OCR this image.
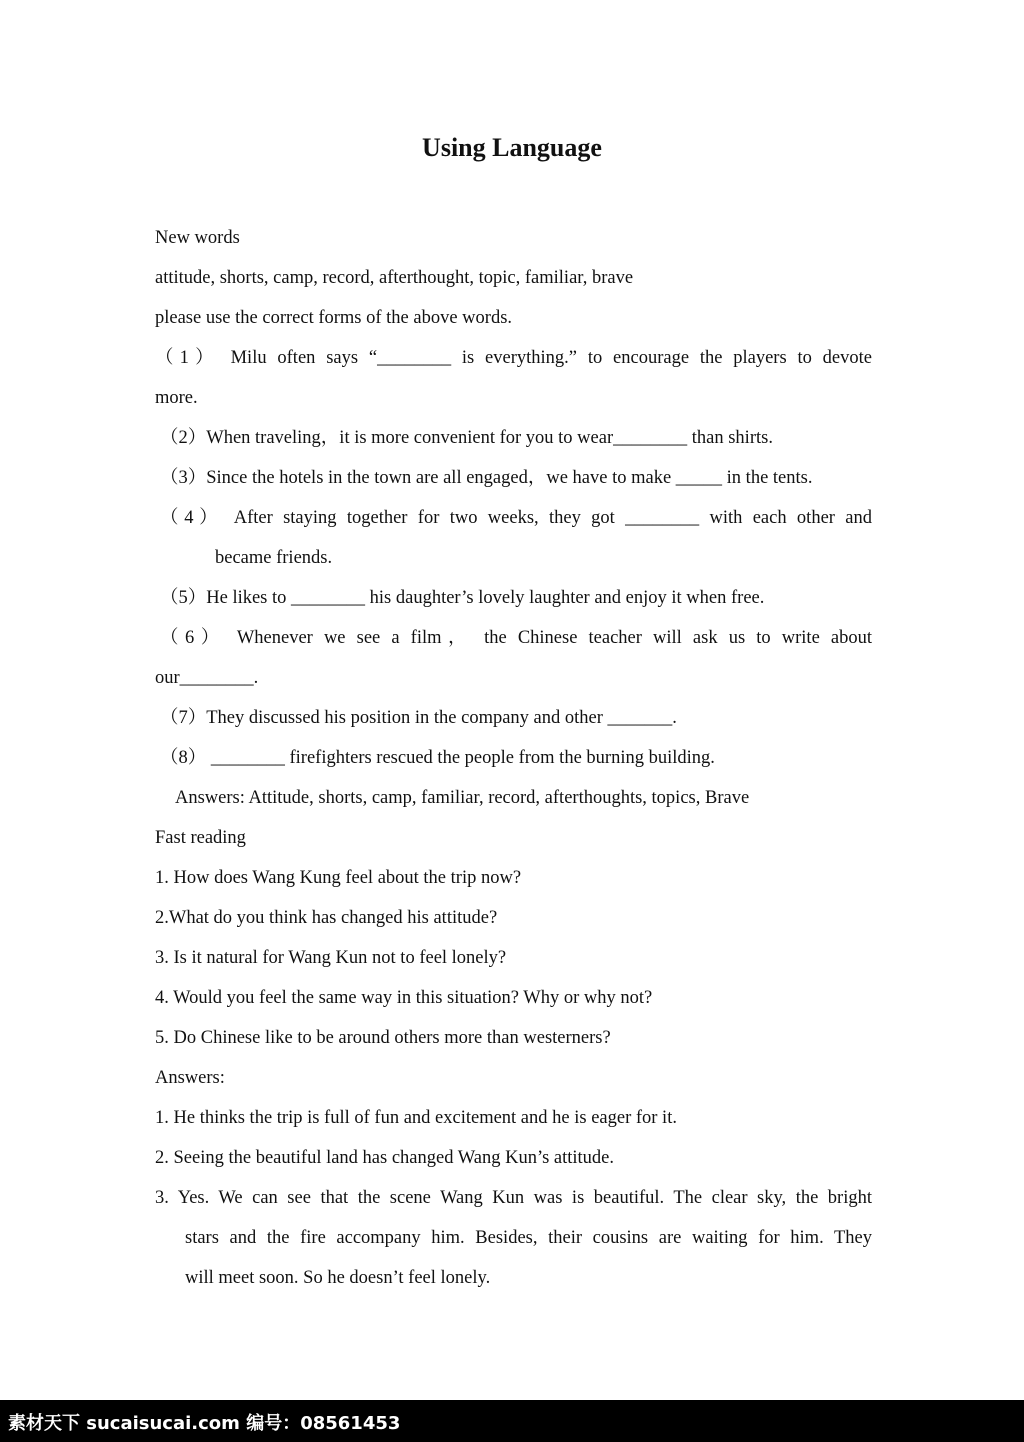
Using Language
New words
attitude, shorts, camp, record, afterthought, topic, familiar, brave
please use the correct forms of the above words.
（1） Milu often says “________ is everything.” to encourage the players to devote
more.
（2）When traveling，it is more convenient for you to wear________ than shirts.
（3）Since the hotels in the town are all engaged，we have to make _____ in the tents.
（4） After staying together for two weeks, they got ________ with each other and
became friends.
（5）He likes to ________ his daughter’s lovely laughter and enjoy it when free.
（6） Whenever we see a film， the Chinese teacher will ask us to write about
our________.
（7）They discussed his position in the company and other _______.
（8） ________ firefighters rescued the people from the burning building.
Answers: Attitude, shorts, camp, familiar, record, afterthoughts, topics, Brave
Fast reading
1. How does Wang Kung feel about the trip now?
2.What do you think has changed his attitude?
3. Is it natural for Wang Kun not to feel lonely?
4. Would you feel the same way in this situation? Why or why not?
5. Do Chinese like to be around others more than westerners?
Answers:
1. He thinks the trip is full of fun and excitement and he is eager for it.
2. Seeing the beautiful land has changed Wang Kun’s attitude.
3. Yes. We can see that the scene Wang Kun was is beautiful. The clear sky, the bright
stars and the fire accompany him. Besides, their cousins are waiting for him. They
will meet soon. So he doesn’t feel lonely.
素材天下 sucaisucai.com 编号：08561453
